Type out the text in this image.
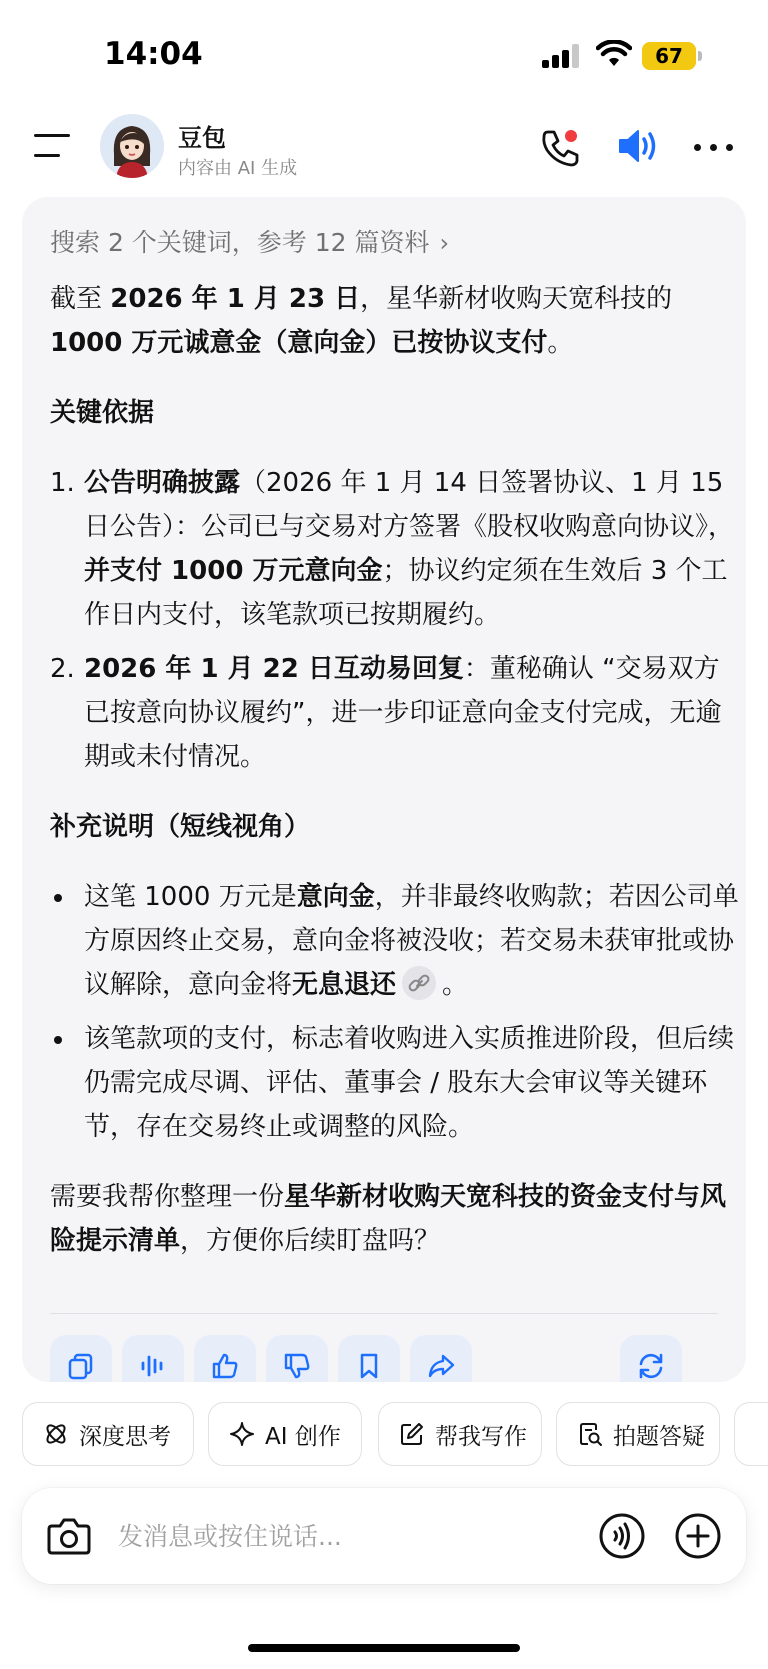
14:04	67
豆包
内容由 AI 生成
搜索 2 个关键词，参考 12 篇资料 ›

截至 2026 年 1 月 23 日，星华新材收购天宽科技的 1000 万元诚意金（意向金）已按协议支付。

关键依据

1. 公告明确披露（2026 年 1 月 14 日签署协议、1 月 15 日公告）：公司已与交易对方签署《股权收购意向协议》，并支付 1000 万元意向金；协议约定须在生效后 3 个工作日内支付，该笔款项已按期履约。
2. 2026 年 1 月 22 日互动易回复：董秘确认 “交易双方已按意向协议履约”，进一步印证意向金支付完成，无逾期或未付情况。

补充说明（短线视角）

这笔 1000 万元是意向金，并非最终收购款；若因公司单方原因终止交易，意向金将被没收；若交易未获审批或协议解除，意向金将无息退还 。
该笔款项的支付，标志着收购进入实质推进阶段，但后续仍需完成尽调、评估、董事会 / 股东大会审议等关键环节，存在交易终止或调整的风险。

需要我帮你整理一份星华新材收购天宽科技的资金支付与风险提示清单，方便你后续盯盘吗？

深度思考	AI 创作	帮我写作	拍题答疑
发消息或按住说话...
